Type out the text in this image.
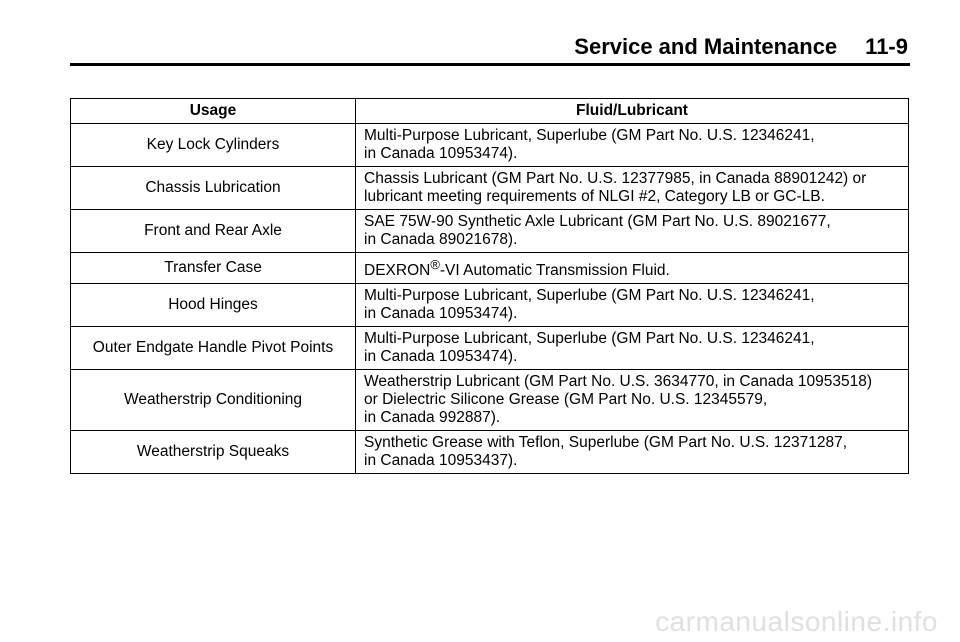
Service and Maintenance 11-9
Usage	Fluid/Lubricant
Key Lock Cylinders	Multi-Purpose Lubricant, Superlube (GM Part No. U.S. 12346241,
in Canada 10953474).

Chassis Lubrication	Chassis Lubricant (GM Part No. U.S. 12377985, in Canada 88901242) or
lubricant meeting requirements of NLGI #2, Category LB or GC-LB.

Front and Rear Axle	SAE 75W-90 Synthetic Axle Lubricant (GM Part No. U.S. 89021677,
in Canada 89021678).

Transfer Case	DEXRON®-VI Automatic Transmission Fluid.

Hood Hinges	Multi-Purpose Lubricant, Superlube (GM Part No. U.S. 12346241,
in Canada 10953474).

Outer Endgate Handle Pivot Points	Multi-Purpose Lubricant, Superlube (GM Part No. U.S. 12346241,
in Canada 10953474).

Weatherstrip Conditioning	Weatherstrip Lubricant (GM Part No. U.S. 3634770, in Canada 10953518)
or Dielectric Silicone Grease (GM Part No. U.S. 12345579,
in Canada 992887).

Weatherstrip Squeaks	Synthetic Grease with Teflon, Superlube (GM Part No. U.S. 12371287,
in Canada 10953437).
carmanualsonline.info
